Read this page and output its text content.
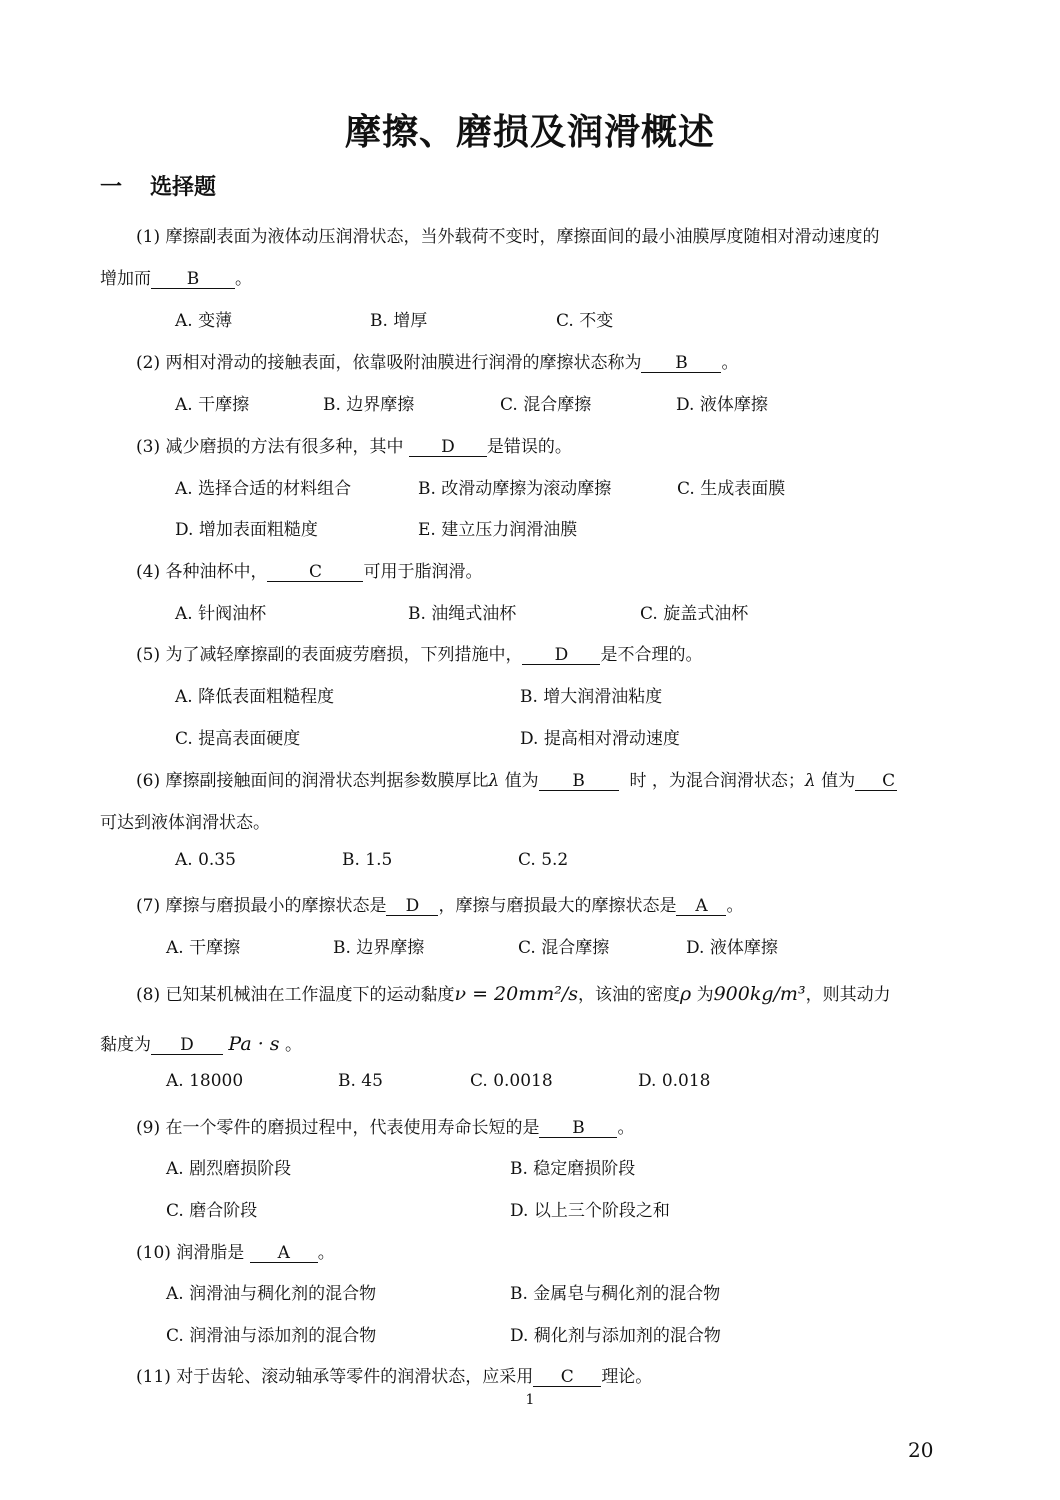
摩擦、磨损及润滑概述
一 选择题
(1) 摩擦副表面为液体动压润滑状态，当外载荷不变时，摩擦面间的最小油膜厚度随相对滑动速度的
增加而 B 。
A. 变薄	B. 增厚	C. 不变
(2) 两相对滑动的接触表面，依靠吸附油膜进行润滑的摩擦状态称为 B 。
A. 干摩擦	B. 边界摩擦	C. 混合摩擦	D. 液体摩擦
(3) 减少磨损的方法有很多种，其中 D 是错误的。
A. 选择合适的材料组合	B. 改滑动摩擦为滚动摩擦	C. 生成表面膜
D. 增加表面粗糙度	E. 建立压力润滑油膜
(4) 各种油杯中， C 可用于脂润滑。
A. 针阀油杯	B. 油绳式油杯	C. 旋盖式油杯
(5) 为了减轻摩擦副的表面疲劳磨损，下列措施中， D 是不合理的。
A. 降低表面粗糙程度	B. 增大润滑油粘度
C. 提高表面硬度	D. 提高相对滑动速度
(6) 摩擦副接触面间的润滑状态判据参数膜厚比λ 值为 B	时 ，为混合润滑状态；λ 值为 C
可达到液体润滑状态。
A. 0.35	B. 1.5	C. 5.2
(7) 摩擦与磨损最小的摩擦状态是 D ，摩擦与磨损最大的摩擦状态是 A 。
A. 干摩擦	B. 边界摩擦	C. 混合摩擦	D. 液体摩擦
(8) 已知某机械油在工作温度下的运动黏度ν = 20mm²/s，该油的密度ρ 为900kg/m³，则其动力
黏度为 D Pa · s 。
A. 18000	B. 45	C. 0.0018	D. 0.018
(9) 在一个零件的磨损过程中，代表使用寿命长短的是 B 。
A. 剧烈磨损阶段	B. 稳定磨损阶段
C. 磨合阶段	D. 以上三个阶段之和
(10) 润滑脂是 A 。
A. 润滑油与稠化剂的混合物	B. 金属皂与稠化剂的混合物
C. 润滑油与添加剂的混合物	D. 稠化剂与添加剂的混合物
(11) 对于齿轮、滚动轴承等零件的润滑状态，应采用 C 理论。
1
20
